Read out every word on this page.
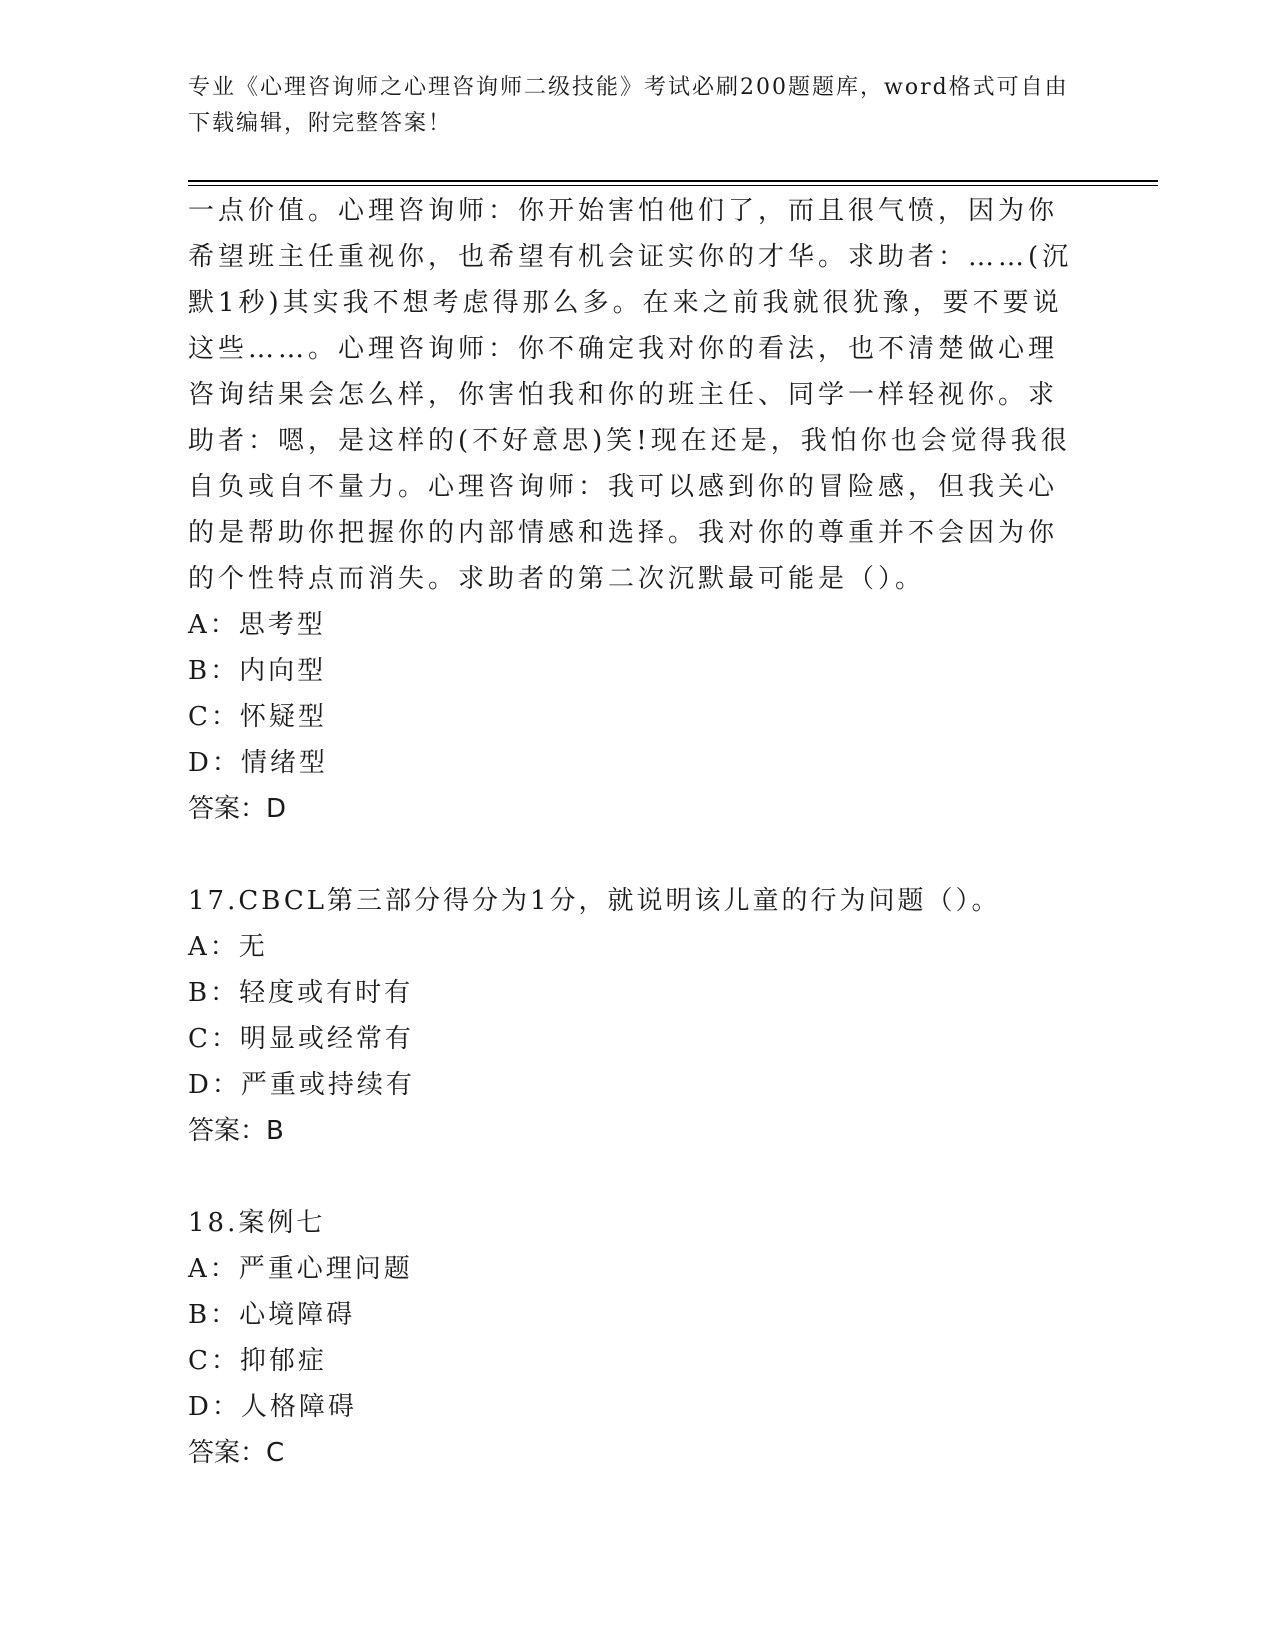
专业《心理咨询师之心理咨询师二级技能》考试必刷200题题库，word格式可自由下载编辑，附完整答案！

一点价值。心理咨询师：你开始害怕他们了，而且很气愤，因为你希望班主任重视你，也希望有机会证实你的才华。求助者：……(沉默1秒)其实我不想考虑得那么多。在来之前我就很犹豫，要不要说这些……。心理咨询师：你不确定我对你的看法，也不清楚做心理咨询结果会怎么样，你害怕我和你的班主任、同学一样轻视你。求助者：嗯，是这样的(不好意思)笑!现在还是，我怕你也会觉得我很自负或自不量力。心理咨询师：我可以感到你的冒险感，但我关心的是帮助你把握你的内部情感和选择。我对你的尊重并不会因为你的个性特点而消失。求助者的第二次沉默最可能是（）。

A：思考型

B：内向型

C：怀疑型

D：情绪型

答案：D

17.CBCL第三部分得分为1分，就说明该儿童的行为问题（）。

A：无

B：轻度或有时有

C：明显或经常有

D：严重或持续有

答案：B

18.案例七

A：严重心理问题

B：心境障碍

C：抑郁症

D：人格障碍

答案：C
